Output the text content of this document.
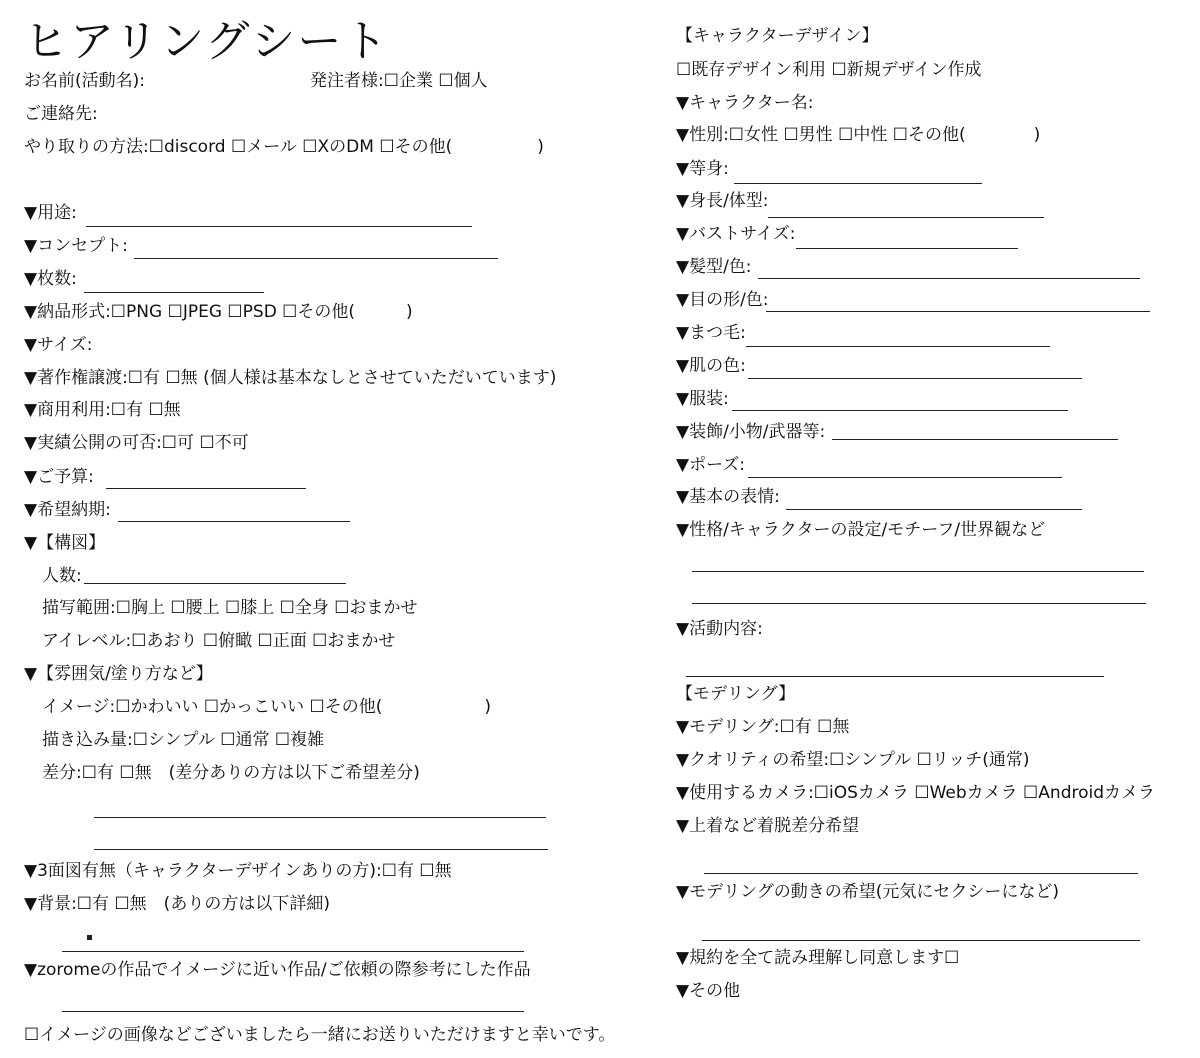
ヒアリングシート
お名前(活動名):	発注者様:☐企業 ☐個人
ご連絡先:
やり取りの方法:☐discord ☐メール ☐XのDM ☐その他(　　　　　)
▼用途:
▼コンセプト:
▼枚数:
▼納品形式:☐PNG ☐JPEG ☐PSD ☐その他(　　　)
▼サイズ:
▼著作権譲渡:☐有 ☐無 (個人様は基本なしとさせていただいています)
▼商用利用:☐有 ☐無
▼実績公開の可否:☐可 ☐不可
▼ご予算:
▼希望納期:
▼【構図】
人数:
描写範囲:☐胸上 ☐腰上 ☐膝上 ☐全身 ☐おまかせ
アイレベル:☐あおり ☐俯瞰 ☐正面 ☐おまかせ
▼【雰囲気/塗り方など】
イメージ:☐かわいい ☐かっこいい ☐その他(　　　　　　)
描き込み量:☐シンプル ☐通常 ☐複雑
差分:☐有 ☐無　(差分ありの方は以下ご希望差分)
▼3面図有無（キャラクターデザインありの方):☐有 ☐無
▼背景:☐有 ☐無　(ありの方は以下詳細)
▼zoromeの作品でイメージに近い作品/ご依頼の際参考にした作品
☐イメージの画像などございましたら一緒にお送りいただけますと幸いです。
【キャラクターデザイン】
☐既存デザイン利用 ☐新規デザイン作成
▼キャラクター名:
▼性別:☐女性 ☐男性 ☐中性 ☐その他(　　　　)
▼等身:
▼身長/体型:
▼バストサイズ:
▼髪型/色:
▼目の形/色:
▼まつ毛:
▼肌の色:
▼服装:
▼装飾/小物/武器等:
▼ポーズ:
▼基本の表情:
▼性格/キャラクターの設定/モチーフ/世界観など
▼活動内容:
【モデリング】
▼モデリング:☐有 ☐無
▼クオリティの希望:☐シンプル ☐リッチ(通常)
▼使用するカメラ:☐iOSカメラ ☐Webカメラ ☐Androidカメラ
▼上着など着脱差分希望
▼モデリングの動きの希望(元気にセクシーになど)
▼規約を全て読み理解し同意します☐
▼その他
